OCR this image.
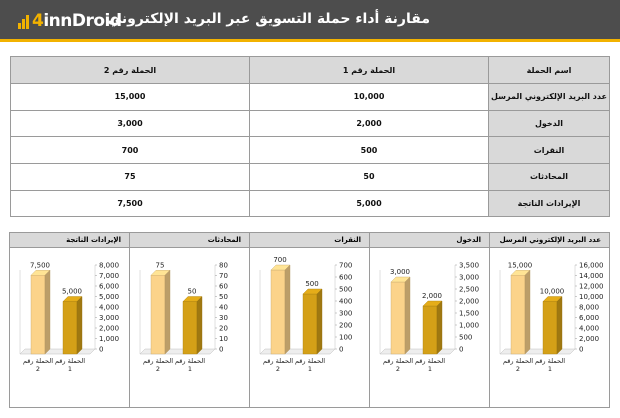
4innDroid
مقارنة أداء حملة التسويق عبر البريد الإلكتروني
اسم الحملة	الحملة رقم 1	الحملة رقم 2
عدد البريد الإلكتروني المرسل	10,000	15,000
الدخول	2,000	3,000
النقرات	500	700
المحادثات	50	75
الإيرادات الناتجة	5,000	7,500
عدد البريد الإلكتروني المرسل
0
2,000
4,000
6,000
8,000
10,000
12,000
14,000
16,000
15,000
الحملة رقم
2
10,000
الحملة رقم
1
الدخول
0
500
1,000
1,500
2,000
2,500
3,000
3,500
3,000
الحملة رقم
2
2,000
الحملة رقم
1
النقرات
0
100
200
300
400
500
600
700
700
الحملة رقم
2
500
الحملة رقم
1
المحادثات
0
10
20
30
40
50
60
70
80
75
الحملة رقم
2
50
الحملة رقم
1
الإيرادات الناتجة
0
1,000
2,000
3,000
4,000
5,000
6,000
7,000
8,000
7,500
الحملة رقم
2
5,000
الحملة رقم
1
